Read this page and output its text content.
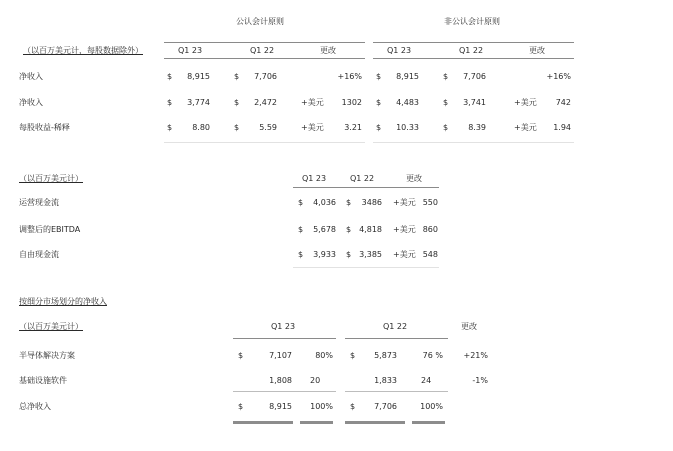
公认会计原则	非公认会计原则
（以百万美元计，每股数据除外）	Q1 23	Q1 22	更改	Q1 23	Q1 22	更改
净收入	$	8,915	$	7,706	+16% $	8,915	$	7,706	+16%
净收入	$	3,774	$	2,472	+美元	1302 $	4,483	$	3,741	+美元	742
每股收益-稀释	$	8.80	$	5.59	+美元	3.21 $	10.33	$	8.39	+美元	1.94
（以百万美元计）	Q1 23	Q1 22	更改
运营现金流	$	4,036 $	3486 +美元 550
调整后的EBITDA	$	5,678 $	4,818 +美元 860
自由现金流	$	3,933 $	3,385 +美元 548
按细分市场划分的净收入
（以百万美元计）	Q1 23	Q1 22	更改
半导体解决方案	$	7,107	80% $	5,873	76 %	+21%
基础设施软件	1,808 20	1,833	24	-1%
总净收入	$	8,915	100% $	7,706	100%
